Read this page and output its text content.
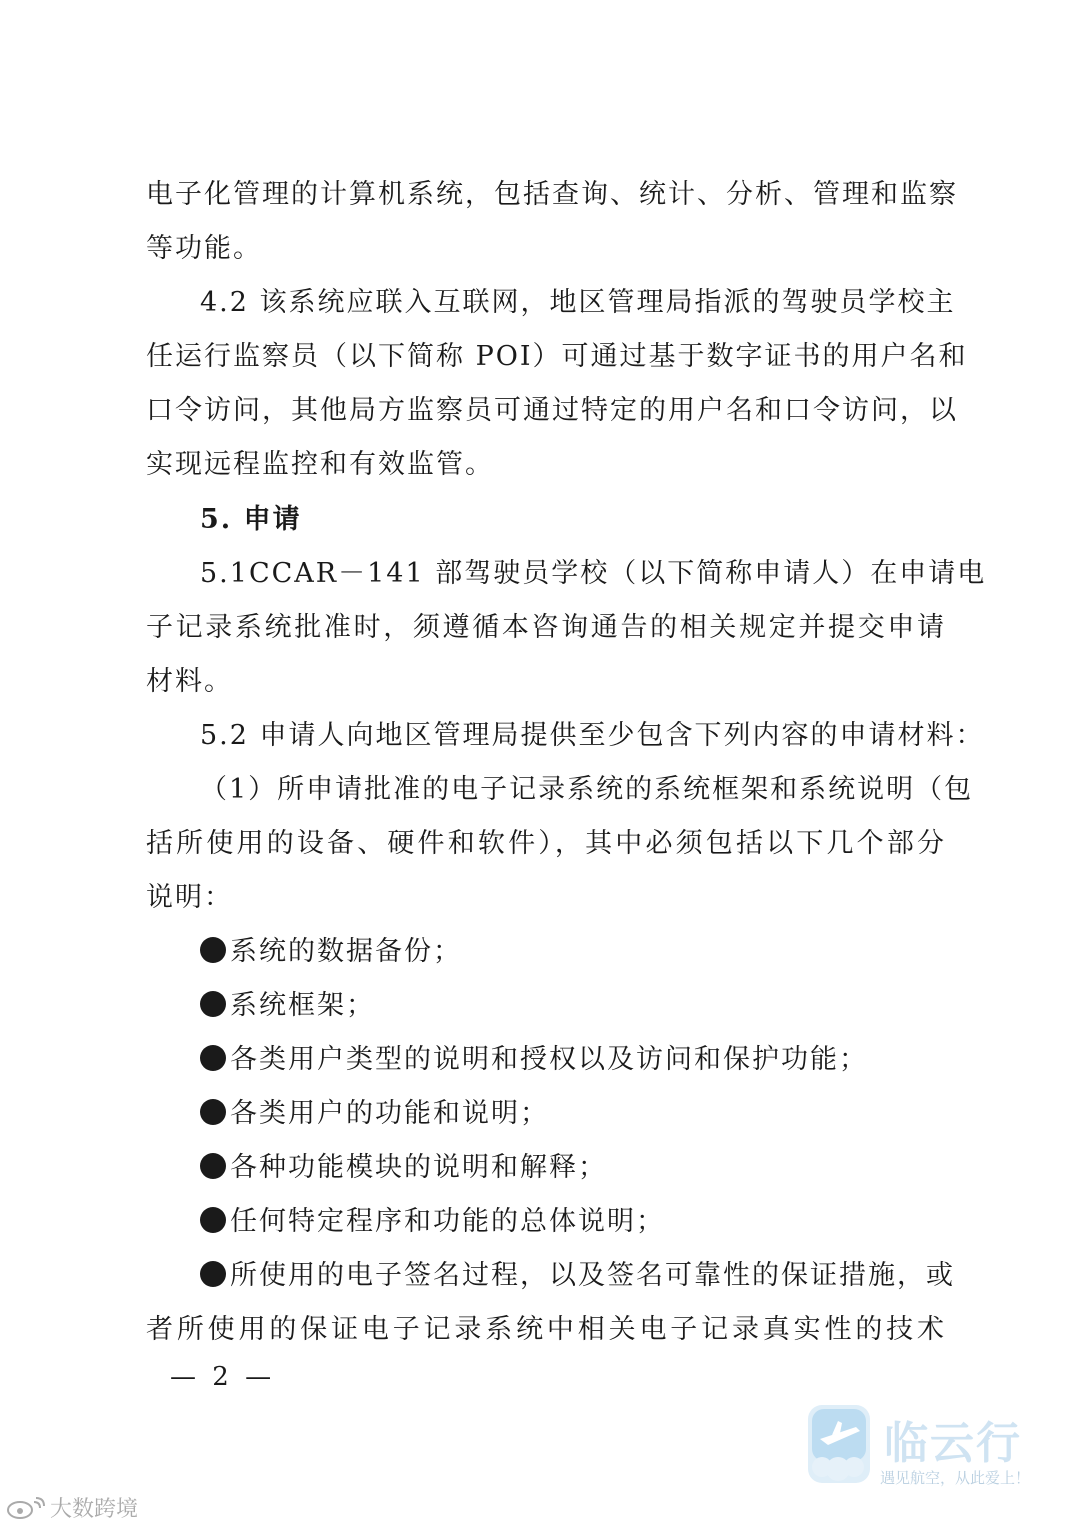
电子化管理的计算机系统，包括查询、统计、分析、管理和监察
等功能。
4.2 该系统应联入互联网，地区管理局指派的驾驶员学校主
任运行监察员（以下简称 POI）可通过基于数字证书的用户名和
口令访问，其他局方监察员可通过特定的用户名和口令访问，以
实现远程监控和有效监管。
5. 申请
5.1CCAR－141 部驾驶员学校（以下简称申请人）在申请电
子记录系统批准时，须遵循本咨询通告的相关规定并提交申请
材料。
5.2 申请人向地区管理局提供至少包含下列内容的申请材料：
（1）所申请批准的电子记录系统的系统框架和系统说明（包
括所使用的设备、硬件和软件），其中必须包括以下几个部分
说明：
系统的数据备份；
系统框架；
各类用户类型的说明和授权以及访问和保护功能；
各类用户的功能和说明；
各种功能模块的说明和解释；
任何特定程序和功能的总体说明；
所使用的电子签名过程，以及签名可靠性的保证措施，或
者所使用的保证电子记录系统中相关电子记录真实性的技术
— 2 —
临云行
遇见航空，从此爱上！
大数跨境
